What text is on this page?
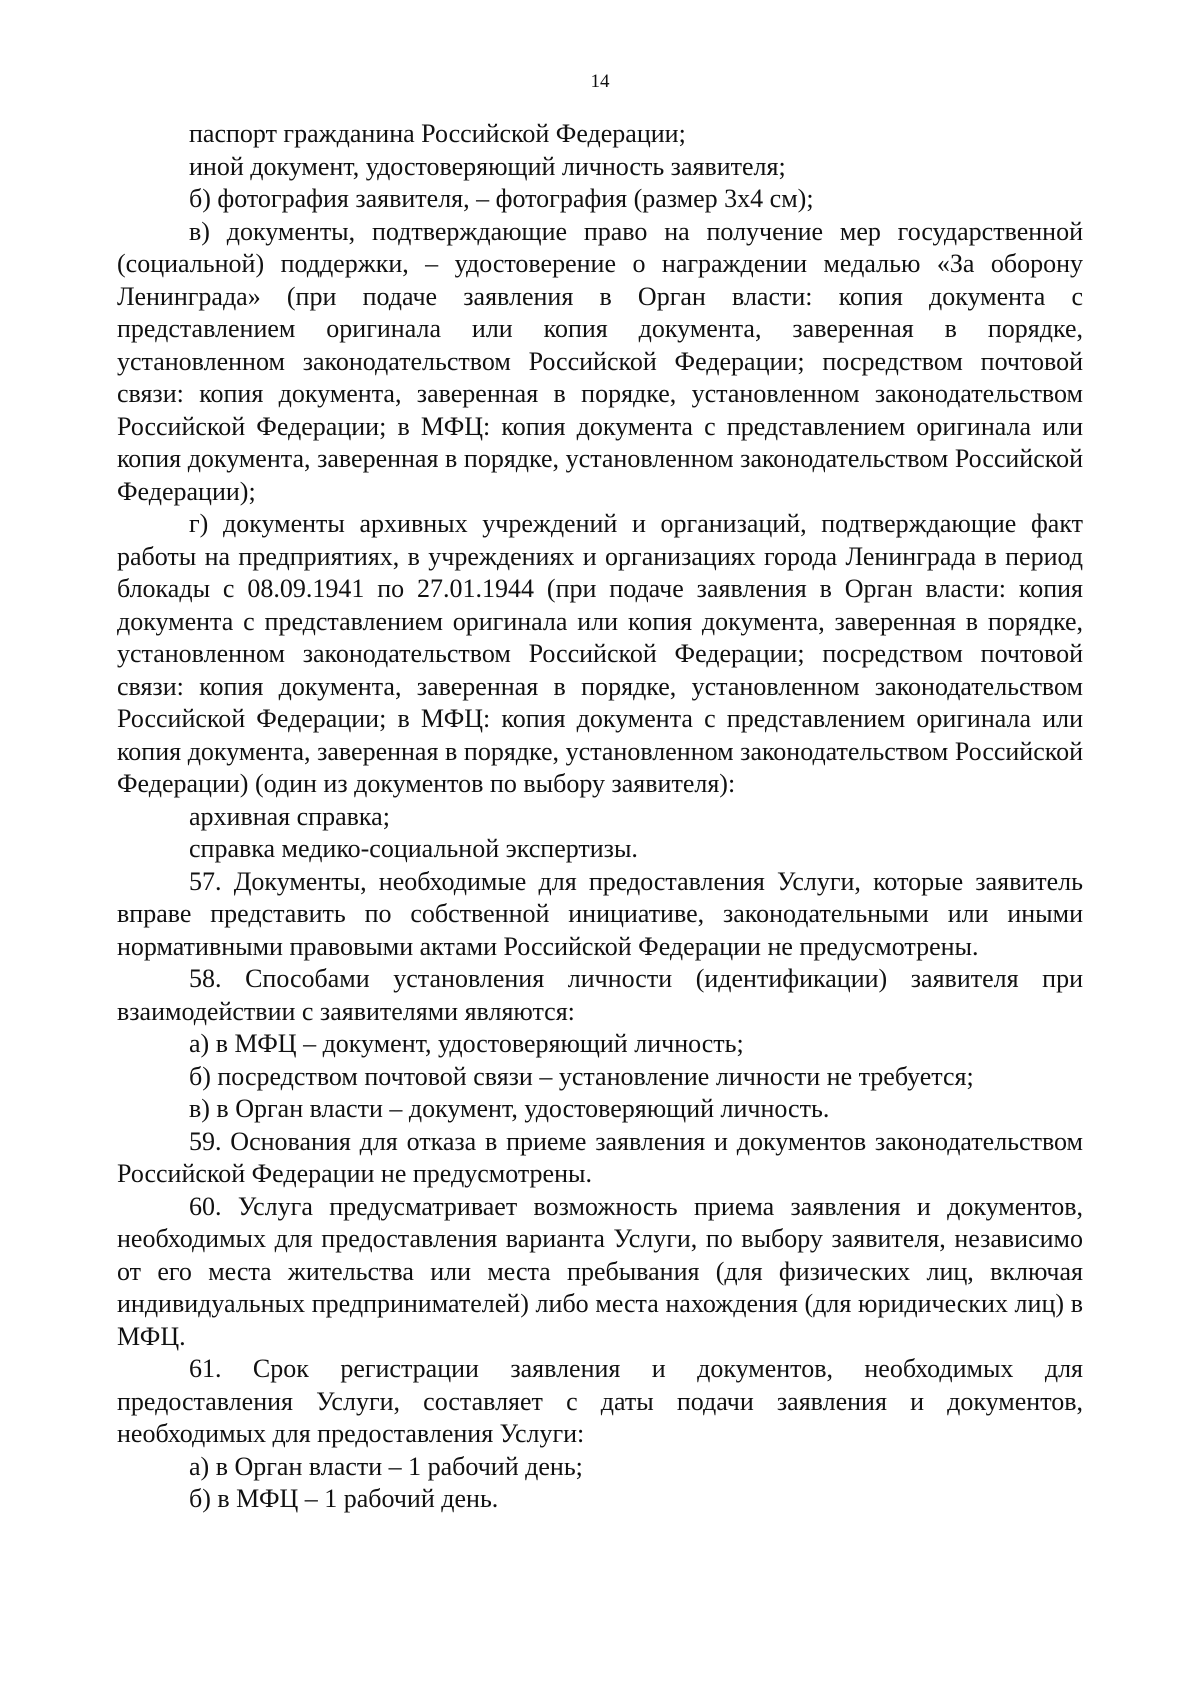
14

паспорт гражданина Российской Федерации;

иной документ, удостоверяющий личность заявителя;

б) фотография заявителя, – фотография (размер 3x4 см);

в) документы, подтверждающие право на получение мер государственной (социальной) поддержки, – удостоверение о награждении медалью «За оборону Ленинграда» (при подаче заявления в Орган власти: копия документа с представлением оригинала или копия документа, заверенная в порядке, установленном законодательством Российской Федерации; посредством почтовой связи: копия документа, заверенная в порядке, установленном законодательством Российской Федерации; в МФЦ: копия документа с представлением оригинала или копия документа, заверенная в порядке, установленном законодательством Российской Федерации);

г) документы архивных учреждений и организаций, подтверждающие факт работы на предприятиях, в учреждениях и организациях города Ленинграда в период блокады с 08.09.1941 по 27.01.1944 (при подаче заявления в Орган власти: копия документа с представлением оригинала или копия документа, заверенная в порядке, установленном законодательством Российской Федерации; посредством почтовой связи: копия документа, заверенная в порядке, установленном законодательством Российской Федерации; в МФЦ: копия документа с представлением оригинала или копия документа, заверенная в порядке, установленном законодательством Российской Федерации) (один из документов по выбору заявителя):

архивная справка;

справка медико-социальной экспертизы.

57. Документы, необходимые для предоставления Услуги, которые заявитель вправе представить по собственной инициативе, законодательными или иными нормативными правовыми актами Российской Федерации не предусмотрены.

58. Способами установления личности (идентификации) заявителя при взаимодействии с заявителями являются:

а) в МФЦ – документ, удостоверяющий личность;

б) посредством почтовой связи – установление личности не требуется;

в) в Орган власти – документ, удостоверяющий личность.

59. Основания для отказа в приеме заявления и документов законодательством Российской Федерации не предусмотрены.

60. Услуга предусматривает возможность приема заявления и документов, необходимых для предоставления варианта Услуги, по выбору заявителя, независимо от его места жительства или места пребывания (для физических лиц, включая индивидуальных предпринимателей) либо места нахождения (для юридических лиц) в МФЦ.

61. Срок регистрации заявления и документов, необходимых для предоставления Услуги, составляет с даты подачи заявления и документов, необходимых для предоставления Услуги:

а) в Орган власти – 1 рабочий день;

б) в МФЦ – 1 рабочий день.
